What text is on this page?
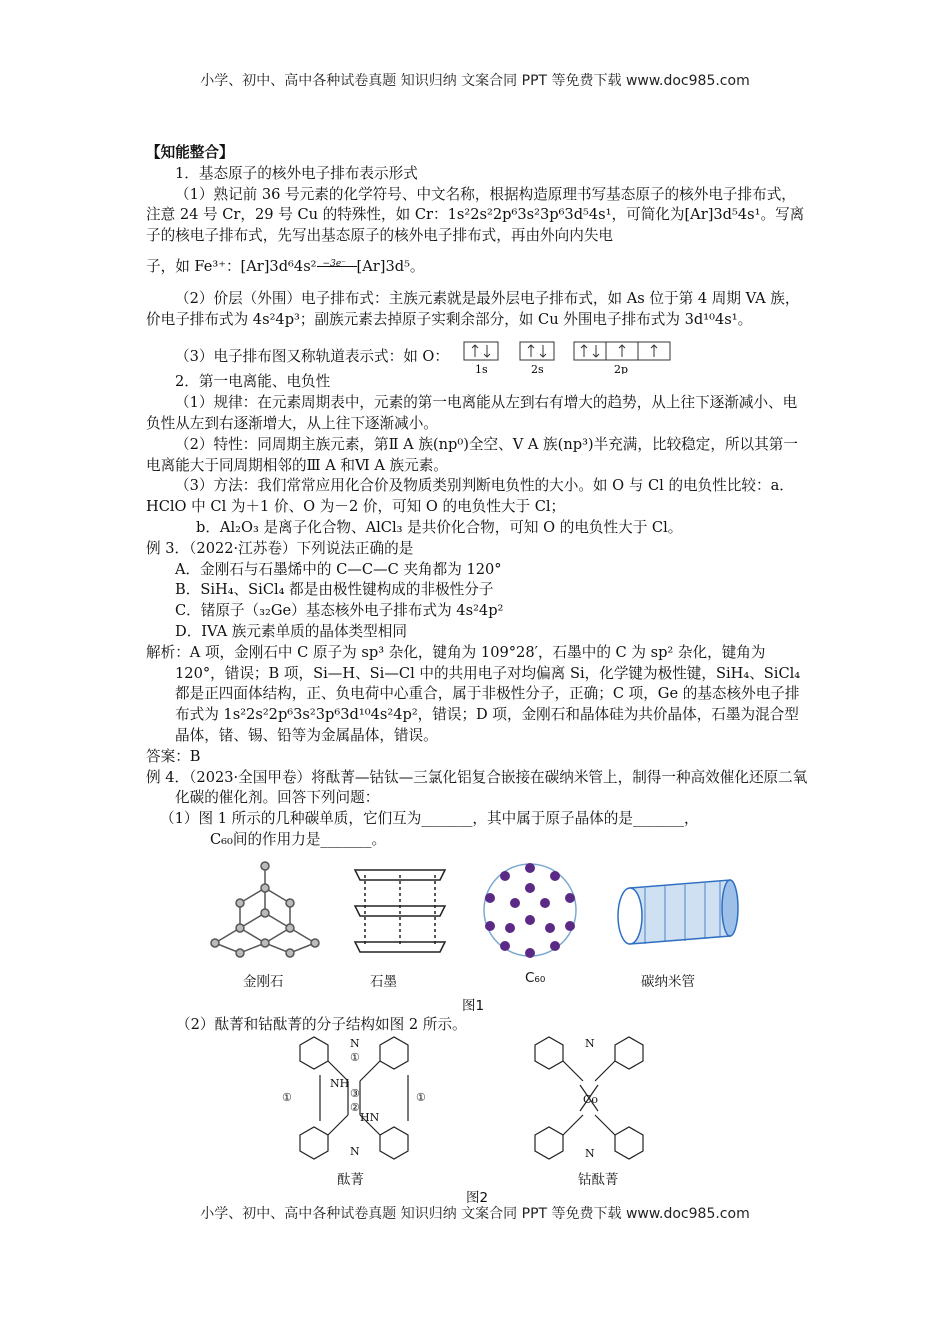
小学、初中、高中各种试卷真题 知识归纳 文案合同 PPT 等免费下载 www.doc985.com

【知能整合】

1．基态原子的核外电子排布表示形式

（1）熟记前 36 号元素的化学符号、中文名称，根据构造原理书写基态原子的核外电子排布式，注意 24 号 Cr，29 号 Cu 的特殊性，如 Cr：1s²2s²2p⁶3s²3p⁶3d⁵4s¹，可简化为[Ar]3d⁵4s¹。写离子的核电子排布式，先写出基态原子的核外电子排布式，再由外向内失电

子，如 Fe³⁺：[Ar]3d⁶4s² −3e⁻ [Ar]3d⁵。

（2）价层（外围）电子排布式：主族元素就是最外层电子排布式，如 As 位于第 4 周期 VA 族，价电子排布式为 4s²4p³；副族元素去掉原子实剩余部分，如 Cu 外围电子排布式为 3d¹⁰4s¹。

（3）电子排布图又称轨道表示式：如 O：
1s	2s	2p

2．第一电离能、电负性

（1）规律：在元素周期表中，元素的第一电离能从左到右有增大的趋势，从上往下逐渐减小、电负性从左到右逐渐增大，从上往下逐渐减小。

（2）特性：同周期主族元素，第Ⅱ A 族(np⁰)全空、Ⅴ A 族(np³)半充满，比较稳定，所以其第一电离能大于同周期相邻的Ⅲ A 和Ⅵ A 族元素。

（3）方法：我们常常应用化合价及物质类别判断电负性的大小。如 O 与 Cl 的电负性比较：a．HClO 中 Cl 为＋1 价、O 为－2 价，可知 O 的电负性大于 Cl；

b．Al₂O₃ 是离子化合物、AlCl₃ 是共价化合物，可知 O 的电负性大于 Cl。

例 3．（2022·江苏卷）下列说法正确的是

A．金刚石与石墨烯中的 C—C—C 夹角都为 120°

B．SiH₄、SiCl₄ 都是由极性键构成的非极性分子

C．锗原子（₃₂Ge）基态核外电子排布式为 4s²4p²

D．IVA 族元素单质的晶体类型相同

解析：A 项，金刚石中 C 原子为 sp³ 杂化，键角为 109°28′，石墨中的 C 为 sp² 杂化，键角为 120°，错误；B 项，Si—H、Si—Cl 中的共用电子对均偏离 Si，化学键为极性键，SiH₄、SiCl₄ 都是正四面体结构，正、负电荷中心重合，属于非极性分子，正确；C 项，Ge 的基态核外电子排布式为 1s²2s²2p⁶3s²3p⁶3d¹⁰4s²4p²，错误；D 项，金刚石和晶体硅为共价晶体，石墨为混合型晶体，锗、锡、铅等为金属晶体，错误。

答案：B

例 4．（2023·全国甲卷）将酞菁—钴钛—三氯化铝复合嵌接在碳纳米管上，制得一种高效催化还原二氧化碳的催化剂。回答下列问题：

（1）图 1 所示的几种碳单质，它们互为_______，其中属于原子晶体的是_______，

C₆₀间的作用力是_______。

金刚石	石墨	C₆₀	碳纳米管
图1

（2）酞菁和钴酞菁的分子结构如图 2 所示。

N
①
NH
③
②
HN
N
①	①	Co
N
N
酞菁	钴酞菁
图2
小学、初中、高中各种试卷真题 知识归纳 文案合同 PPT 等免费下载 www.doc985.com
